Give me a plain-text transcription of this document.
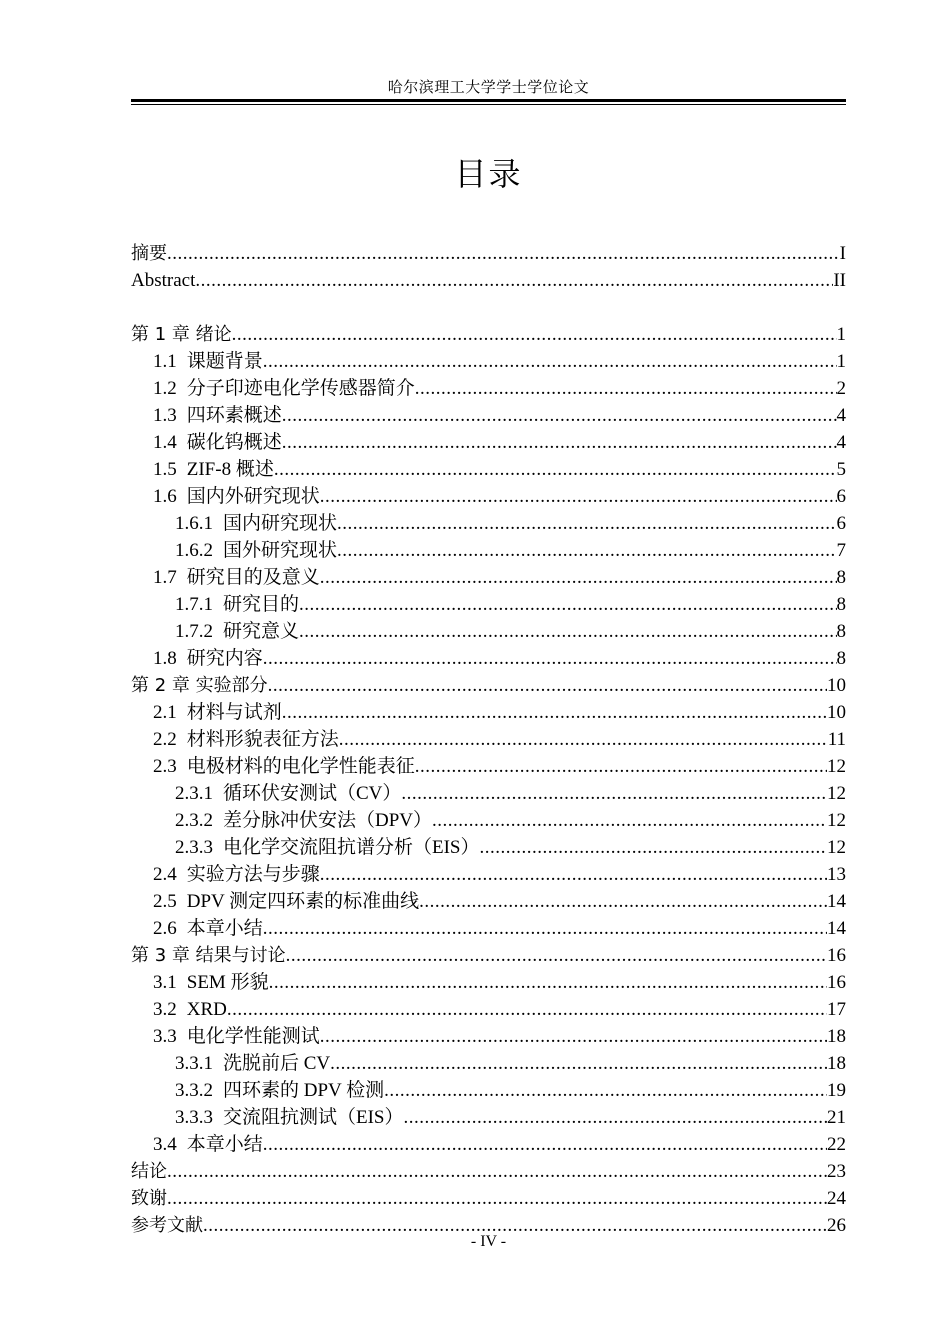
哈尔滨理工大学学士学位论文
目录
摘要 .....	I
Abstract .....	II
第 1 章 绪论 .....	1
1.1 课题背景 .....	1
1.2 分子印迹电化学传感器简介 .....	2
1.3 四环素概述 .....	4
1.4 碳化钨概述 .....	4
1.5 ZIF-8 概述 .....	5
1.6 国内外研究现状 .....	6
1.6.1 国内研究现状 .....	6
1.6.2 国外研究现状 .....	7
1.7 研究目的及意义 .....	8
1.7.1 研究目的 .....	8
1.7.2 研究意义 .....	8
1.8 研究内容 .....	8
第 2 章 实验部分 .....	10
2.1 材料与试剂 .....	10
2.2 材料形貌表征方法 .....	11
2.3 电极材料的电化学性能表征 .....	12
2.3.1 循环伏安测试（CV） .....	12
2.3.2 差分脉冲伏安法（DPV） .....	12
2.3.3 电化学交流阻抗谱分析（EIS） .....	12
2.4 实验方法与步骤 .....	13
2.5 DPV 测定四环素的标准曲线 .....	14
2.6 本章小结 .....	14
第 3 章 结果与讨论 .....	16
3.1 SEM 形貌 .....	16
3.2 XRD .....	17
3.3 电化学性能测试 .....	18
3.3.1 洗脱前后 CV .....	18
3.3.2 四环素的 DPV 检测 .....	19
3.3.3 交流阻抗测试（EIS） .....	21
3.4 本章小结 .....	22
结论 .....	23
致谢 .....	24
参考文献 .....	26
- IV -
